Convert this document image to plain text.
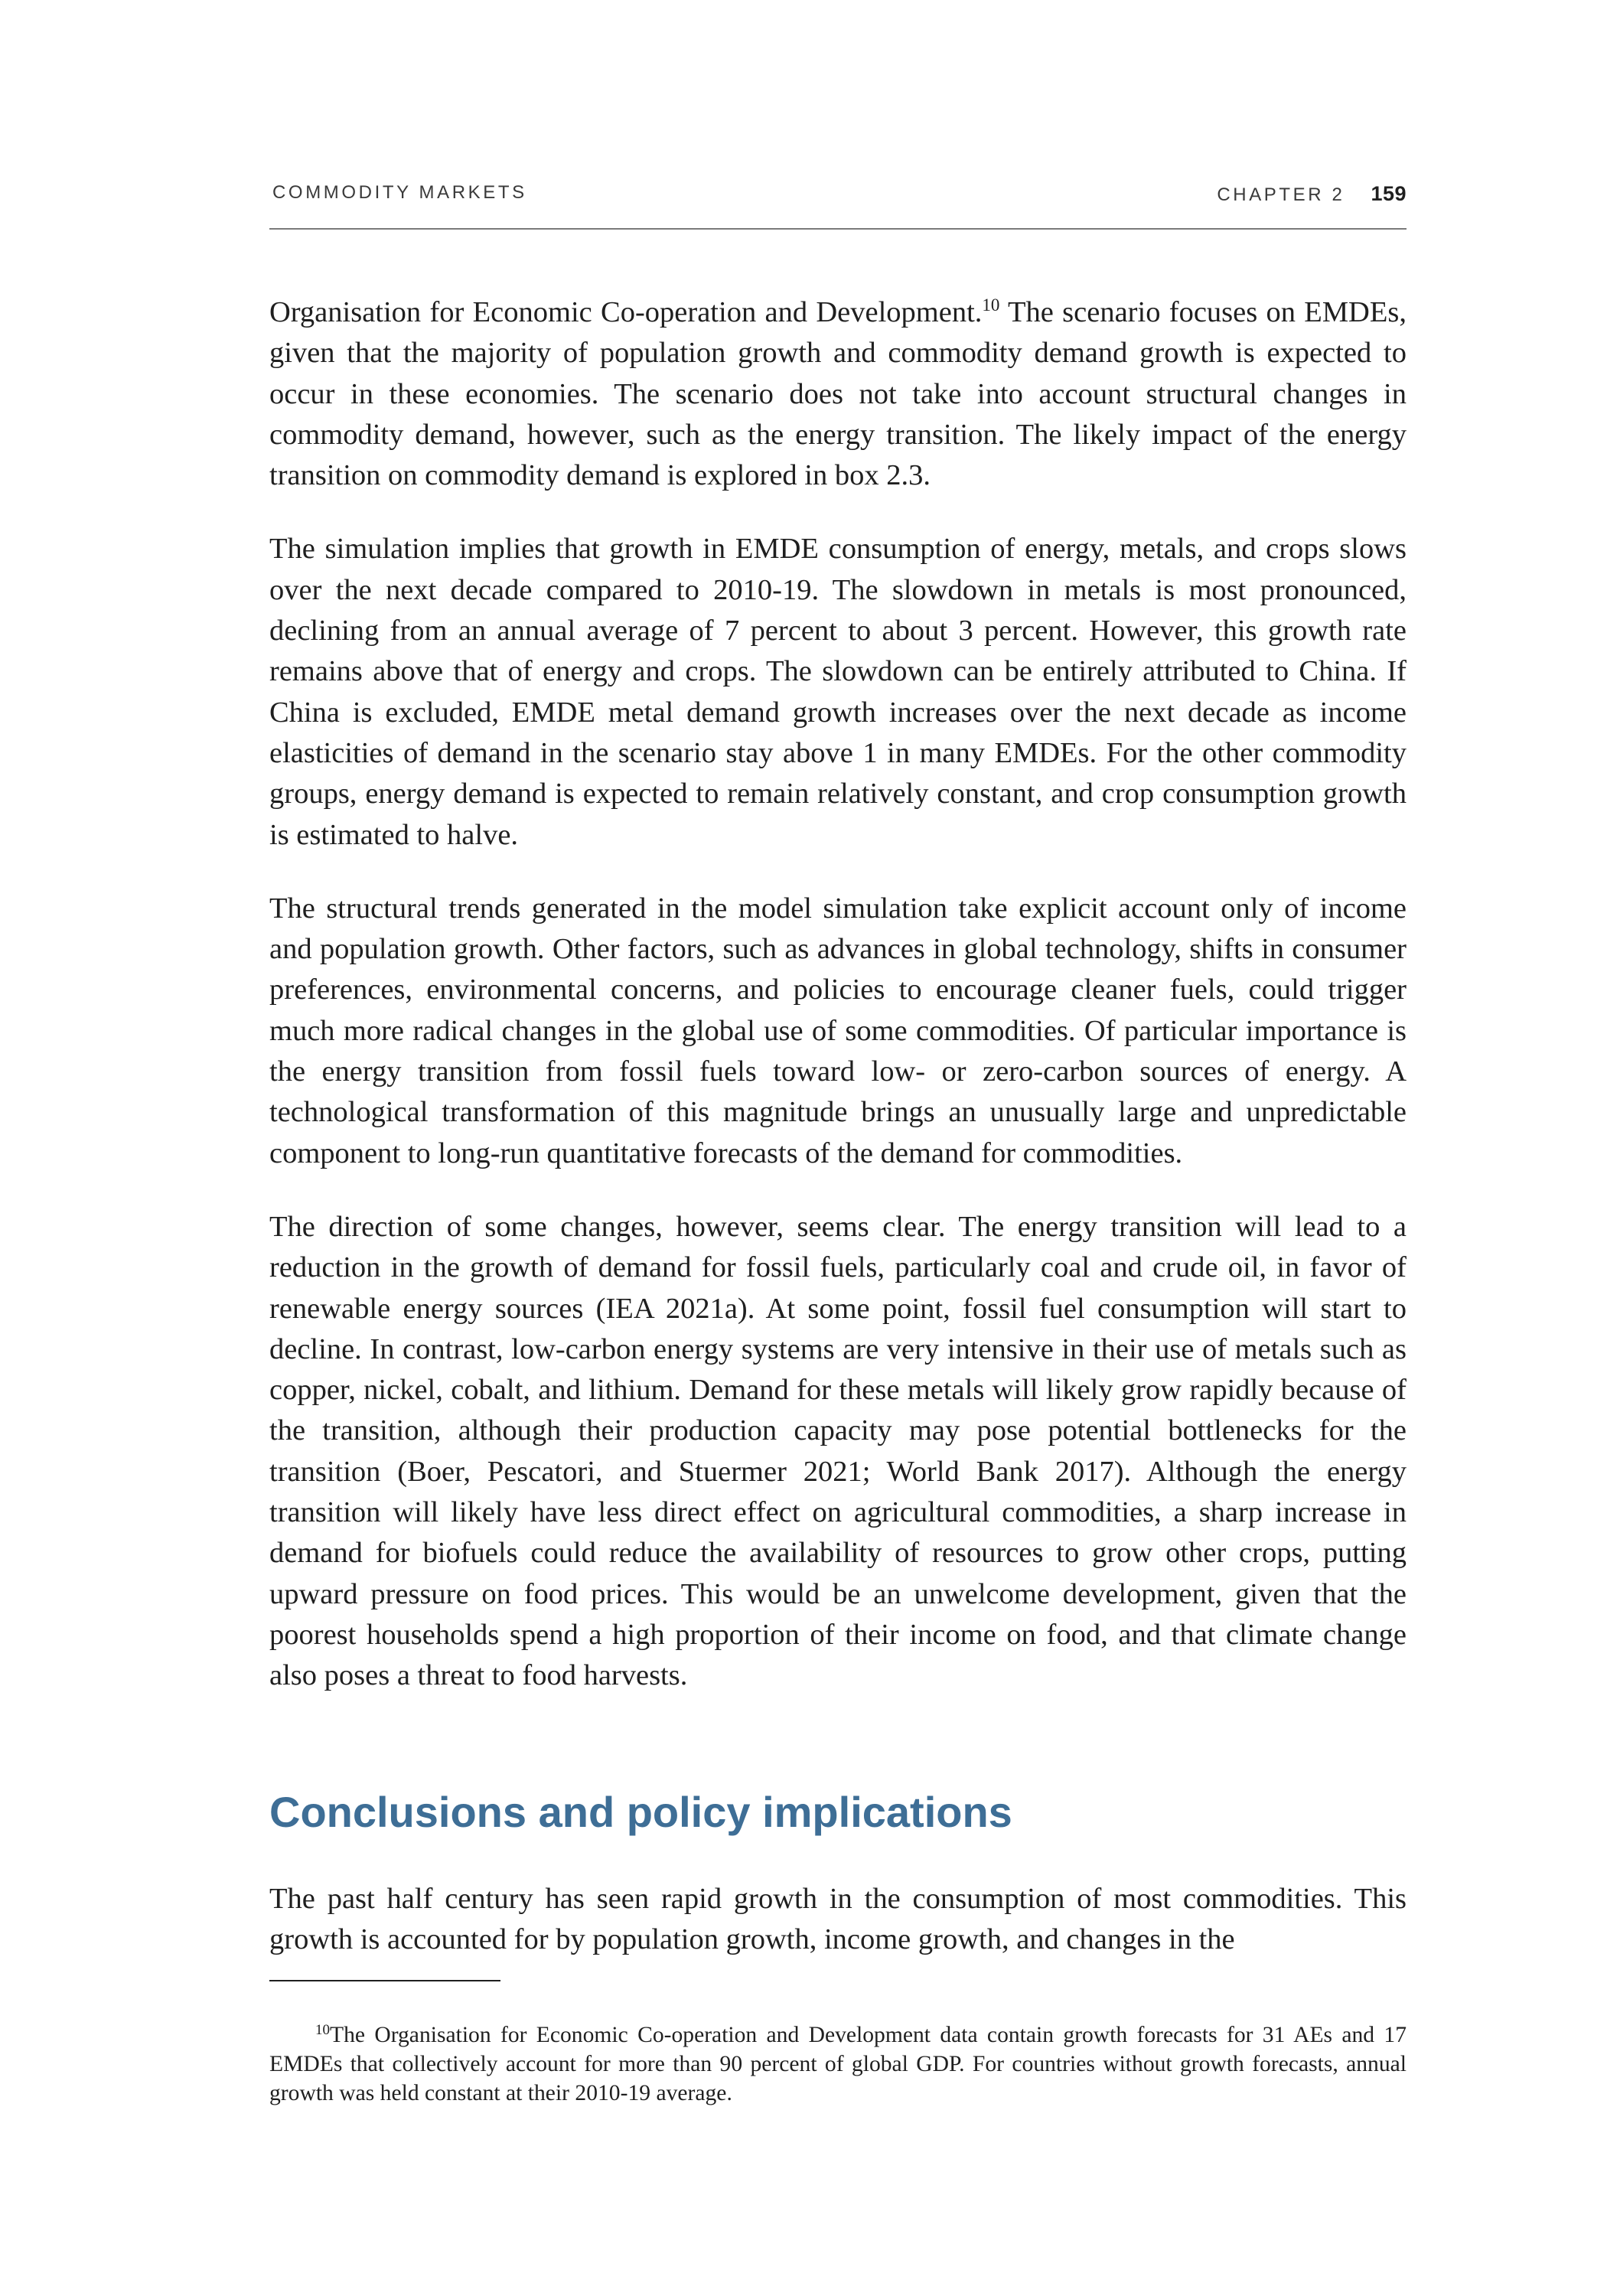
COMMODITY MARKETS	CHAPTER 2 159

Organisation for Economic Co-operation and Development.$^{10}$ The scenario focuses on EMDEs, given that the majority of population growth and commodity demand growth is expected to occur in these economies. The scenario does not take into account structural changes in commodity demand, however, such as the energy transition. The likely impact of the energy transition on commodity demand is explored in box 2.3.

The simulation implies that growth in EMDE consumption of energy, metals, and crops slows over the next decade compared to 2010-19. The slowdown in metals is most pronounced, declining from an annual average of 7 percent to about 3 percent. However, this growth rate remains above that of energy and crops. The slowdown can be entirely attributed to China. If China is excluded, EMDE metal demand growth increases over the next decade as income elasticities of demand in the scenario stay above 1 in many EMDEs. For the other commodity groups, energy demand is expected to remain relatively constant, and crop consumption growth is estimated to halve.

The structural trends generated in the model simulation take explicit account only of income and population growth. Other factors, such as advances in global technology, shifts in consumer preferences, environmental concerns, and policies to encourage cleaner fuels, could trigger much more radical changes in the global use of some commodities. Of particular importance is the energy transition from fossil fuels toward low- or zero-carbon sources of energy. A technological transformation of this magnitude brings an unusually large and unpredictable component to long-run quantitative forecasts of the demand for commodities.

The direction of some changes, however, seems clear. The energy transition will lead to a reduction in the growth of demand for fossil fuels, particularly coal and crude oil, in favor of renewable energy sources (IEA 2021a). At some point, fossil fuel consumption will start to decline. In contrast, low-carbon energy systems are very intensive in their use of metals such as copper, nickel, cobalt, and lithium. Demand for these metals will likely grow rapidly because of the transition, although their production capacity may pose potential bottlenecks for the transition (Boer, Pescatori, and Stuermer 2021; World Bank 2017). Although the energy transition will likely have less direct effect on agricultural commodities, a sharp increase in demand for biofuels could reduce the availability of resources to grow other crops, putting upward pressure on food prices. This would be an unwelcome development, given that the poorest households spend a high proportion of their income on food, and that climate change also poses a threat to food harvests.

Conclusions and policy implications

The past half century has seen rapid growth in the consumption of most commodities. This growth is accounted for by population growth, income growth, and changes in the

$^{10}$The Organisation for Economic Co-operation and Development data contain growth forecasts for 31 AEs and 17 EMDEs that collectively account for more than 90 percent of global GDP. For countries without growth forecasts, annual growth was held constant at their 2010-19 average.
